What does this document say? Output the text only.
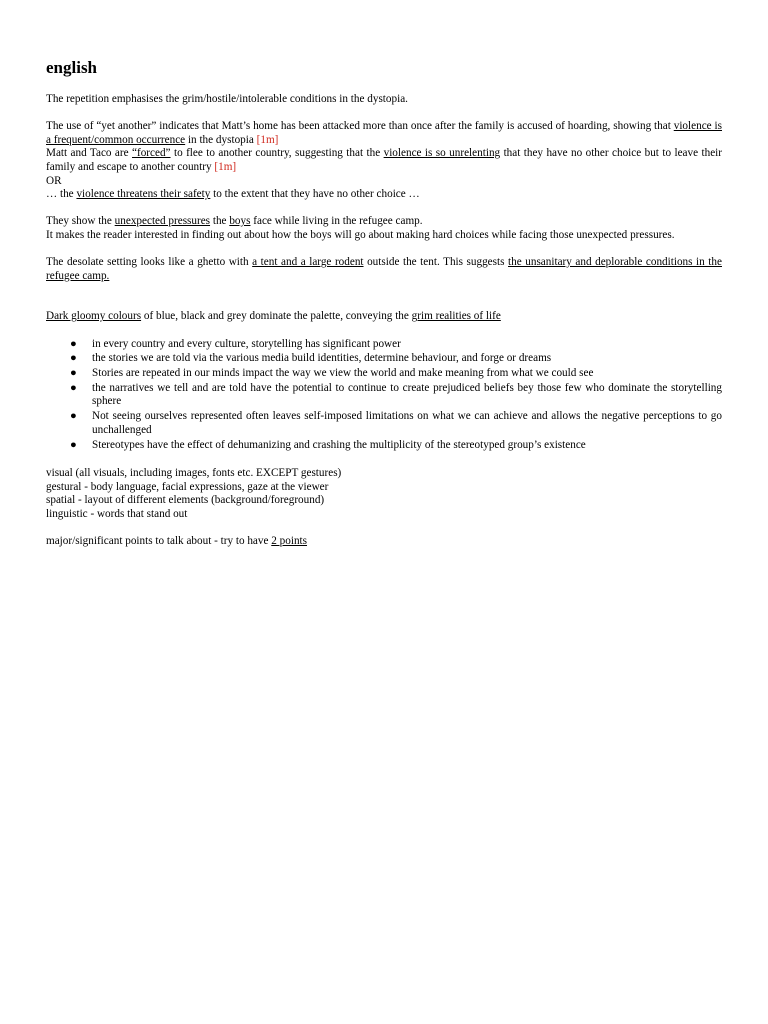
english

The repetition emphasises the grim/hostile/intolerable conditions in the dystopia.

The use of “yet another” indicates that Matt’s home has been attacked more than once after the family is accused of hoarding, showing that violence is a frequent/common occurrence in the dystopia [1m]

Matt and Taco are “forced” to flee to another country, suggesting that the violence is so unrelenting that they have no other choice but to leave their family and escape to another country [1m]

OR

… the violence threatens their safety to the extent that they have no other choice …

They show the unexpected pressures the boys face while living in the refugee camp.

It makes the reader interested in finding out about how the boys will go about making hard choices while facing those unexpected pressures.

The desolate setting looks like a ghetto with a tent and a large rodent outside the tent. This suggests the unsanitary and deplorable conditions in the refugee camp.

Dark gloomy colours of blue, black and grey dominate the palette, conveying the grim realities of life

● in every country and every culture, storytelling has significant power
● the stories we are told via the various media build identities, determine behaviour, and forge or dreams
● Stories are repeated in our minds impact the way we view the world and make meaning from what we could see
● the narratives we tell and are told have the potential to continue to create prejudiced beliefs bey those few who dominate the storytelling sphere
● Not seeing ourselves represented often leaves self-imposed limitations on what we can achieve and allows the negative perceptions to go unchallenged
● Stereotypes have the effect of dehumanizing and crashing the multiplicity of the stereotyped group’s existence

visual (all visuals, including images, fonts etc. EXCEPT gestures)

gestural - body language, facial expressions, gaze at the viewer

spatial - layout of different elements (background/foreground)

linguistic - words that stand out

major/significant points to talk about - try to have 2 points
